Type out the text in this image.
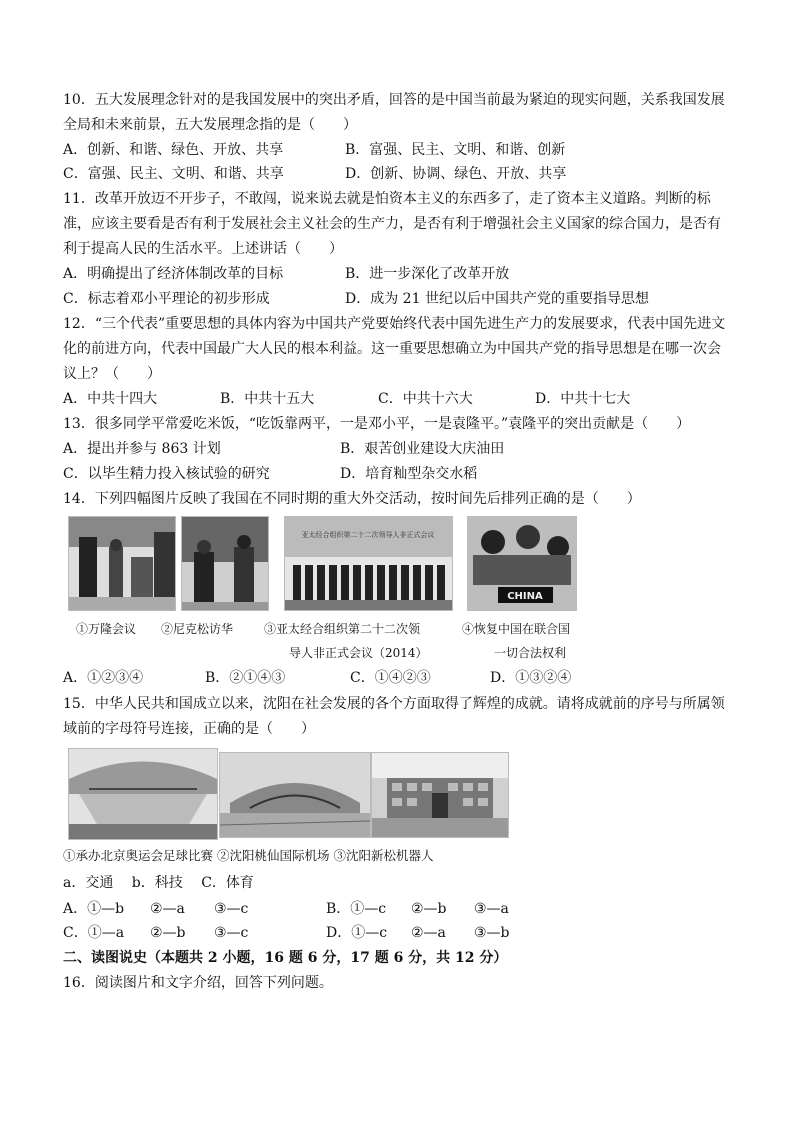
10．五大发展理念针对的是我国发展中的突出矛盾，回答的是中国当前最为紧迫的现实问题，关系我国发展
全局和未来前景，五大发展理念指的是（　　）
A．创新、和谐、绿色、开放、共享	B．富强、民主、文明、和谐、创新
C．富强、民主、文明、和谐、共享	D．创新、协调、绿色、开放、共享
11．改革开放迈不开步子，不敢闯，说来说去就是怕资本主义的东西多了，走了资本主义道路。判断的标
准，应该主要看是否有利于发展社会主义社会的生产力，是否有利于增强社会主义国家的综合国力，是否有
利于提高人民的生活水平。上述讲话（　　）
A．明确提出了经济体制改革的目标	B．进一步深化了改革开放
C．标志着邓小平理论的初步形成	D．成为 21 世纪以后中国共产党的重要指导思想
12．“三个代表”重要思想的具体内容为中国共产党要始终代表中国先进生产力的发展要求，代表中国先进文
化的前进方向，代表中国最广大人民的根本利益。这一重要思想确立为中国共产党的指导思想是在哪一次会
议上？（　　）
A．中共十四大	B．中共十五大	C．中共十六大	D．中共十七大
13．很多同学平常爱吃米饭，“吃饭靠两平，一是邓小平，一是袁隆平。”袁隆平的突出贡献是（　　）
A．提出并参与 863 计划	B．艰苦创业建设大庆油田
C．以毕生精力投入核试验的研究	D．培育籼型杂交水稻
14．下列四幅图片反映了我国在不同时期的重大外交活动，按时间先后排列正确的是（　　）
亚太经合组织第二十二次领导人非正式会议
CHINA
①万隆会议 ②尼克松访华	③亚太经合组织第二十二次领
导人非正式会议（2014）
④恢复中国在联合国
一切合法权利
A．①②③④	B．②①④③	C．①④②③	D．①③②④
15．中华人民共和国成立以来，沈阳在社会发展的各个方面取得了辉煌的成就。请将成就前的序号与所属领
域前的字母符号连接，正确的是（　　）
①承办北京奥运会足球比赛 ②沈阳桃仙国际机场 ③沈阳新松机器人
a．交通　 b．科技　 C．体育
A．①—b ②—a ③—c	B．①—c ②—b ③—a
C．①—a ②—b ③—c	D．①—c ②—a ③—b
二、读图说史（本题共 2 小题，16 题 6 分，17 题 6 分，共 12 分）
16．阅读图片和文字介绍，回答下列问题。
